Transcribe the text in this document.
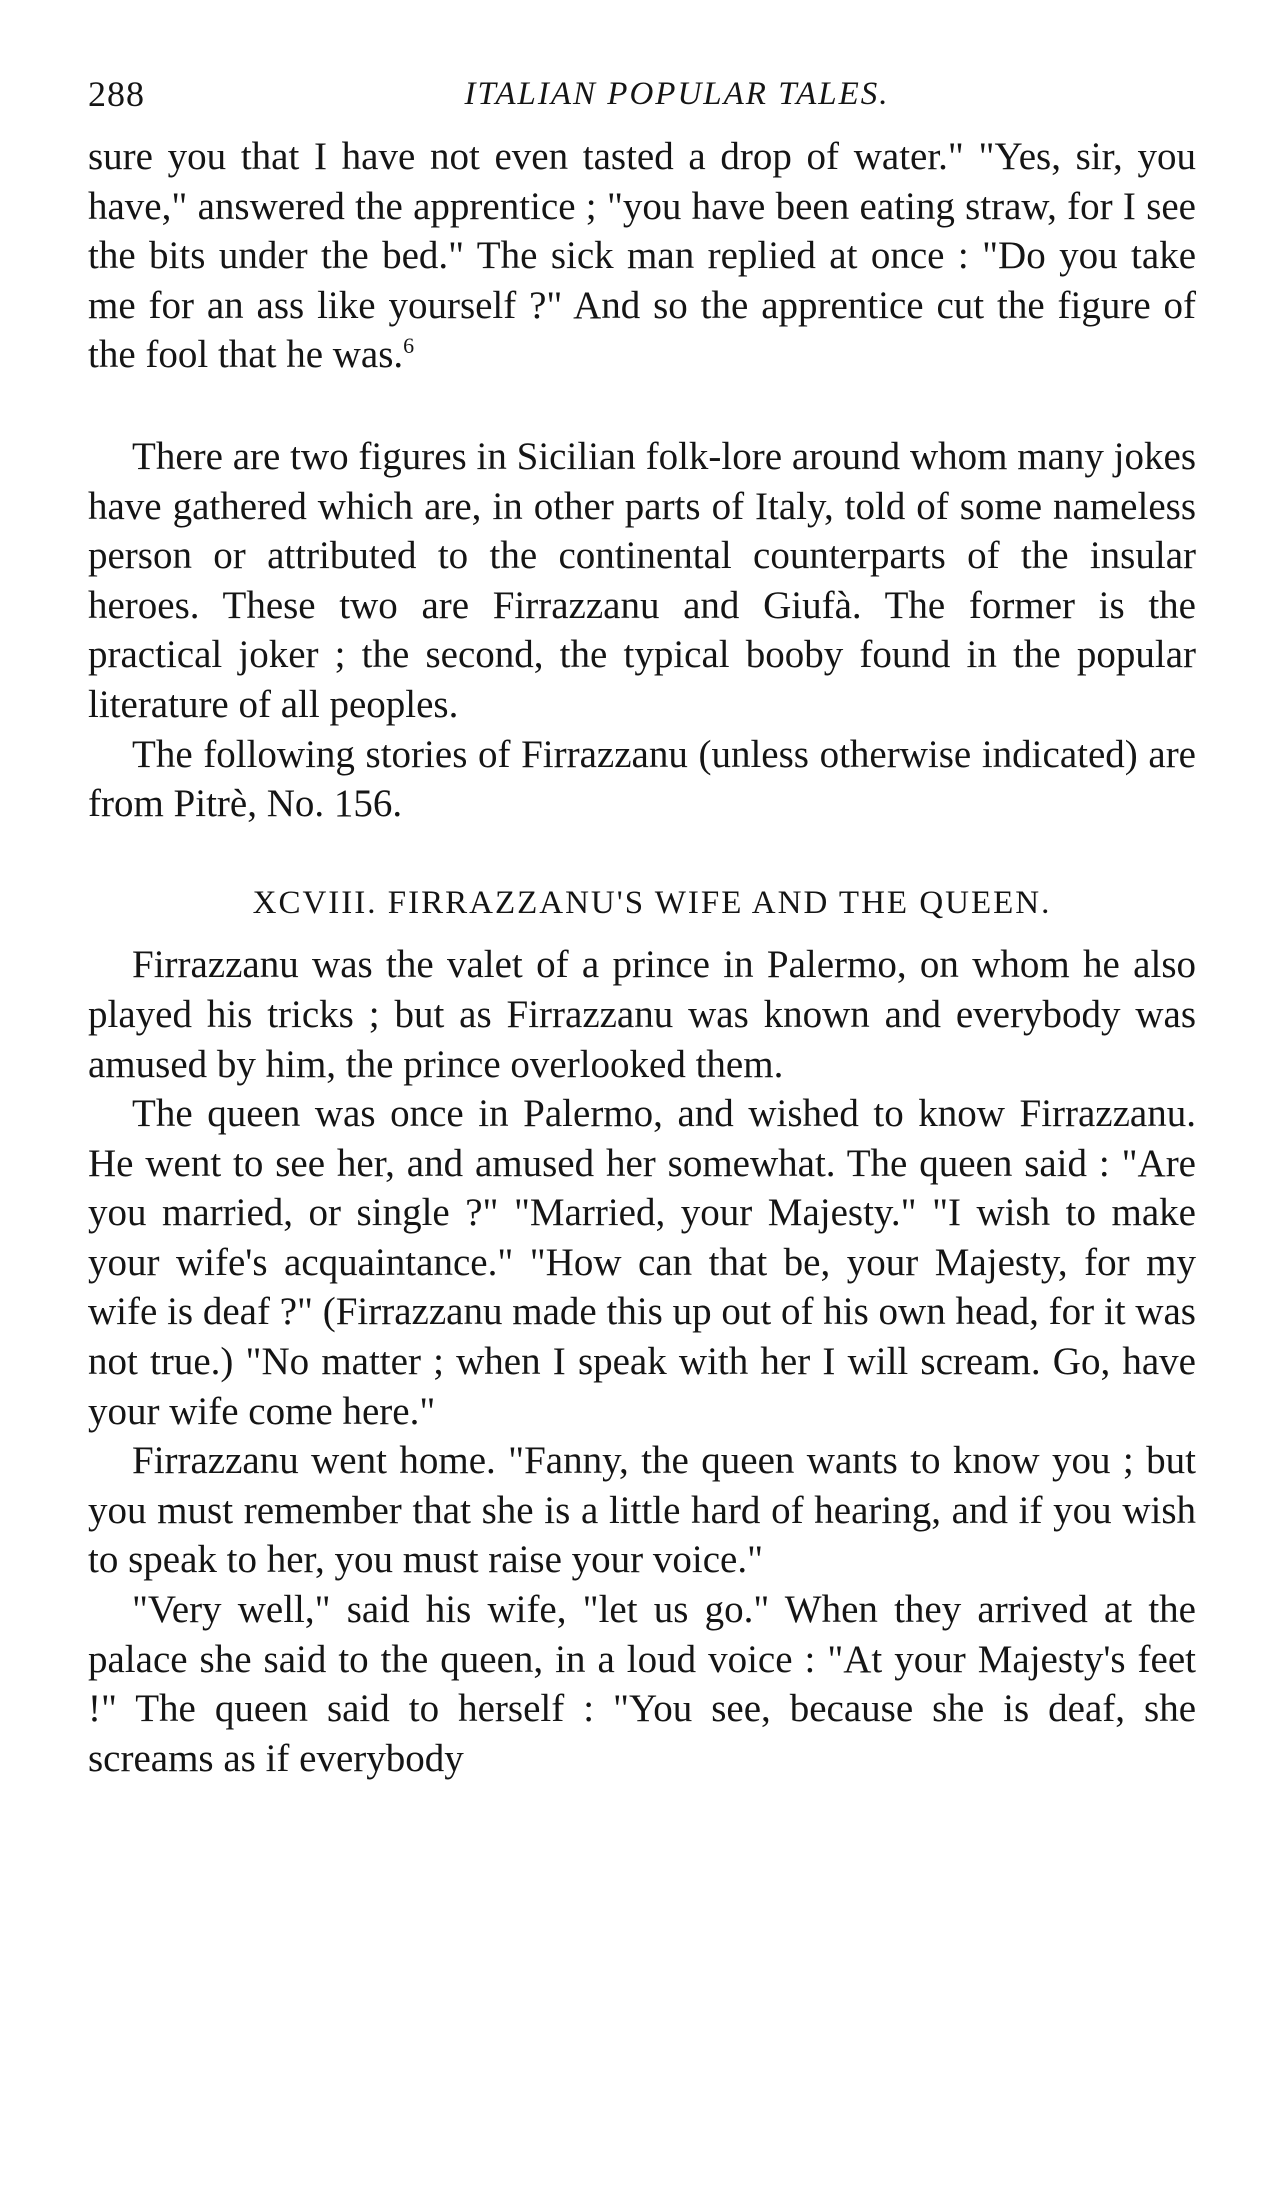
288	ITALIAN POPULAR TALES.

sure you that I have not even tasted a drop of water." "Yes, sir, you have," answered the apprentice ; "you have been eating straw, for I see the bits under the bed." The sick man replied at once : "Do you take me for an ass like yourself ?" And so the apprentice cut the figure of the fool that he was.$^6$

There are two figures in Sicilian folk-lore around whom many jokes have gathered which are, in other parts of Italy, told of some nameless person or attributed to the continental counterparts of the insular heroes. These two are Firrazzanu and Giufà. The former is the practical joker ; the second, the typical booby found in the popular literature of all peoples.

The following stories of Firrazzanu (unless otherwise indicated) are from Pitrè, No. 156.

XCVIII. FIRRAZZANU'S WIFE AND THE QUEEN.

Firrazzanu was the valet of a prince in Palermo, on whom he also played his tricks ; but as Firrazzanu was known and everybody was amused by him, the prince overlooked them.

The queen was once in Palermo, and wished to know Firrazzanu. He went to see her, and amused her somewhat. The queen said : "Are you married, or single ?" "Married, your Majesty." "I wish to make your wife's acquaintance." "How can that be, your Majesty, for my wife is deaf ?" (Firrazzanu made this up out of his own head, for it was not true.) "No matter ; when I speak with her I will scream. Go, have your wife come here."

Firrazzanu went home. "Fanny, the queen wants to know you ; but you must remember that she is a little hard of hearing, and if you wish to speak to her, you must raise your voice."

"Very well," said his wife, "let us go." When they arrived at the palace she said to the queen, in a loud voice : "At your Majesty's feet !" The queen said to herself : "You see, because she is deaf, she screams as if everybody
